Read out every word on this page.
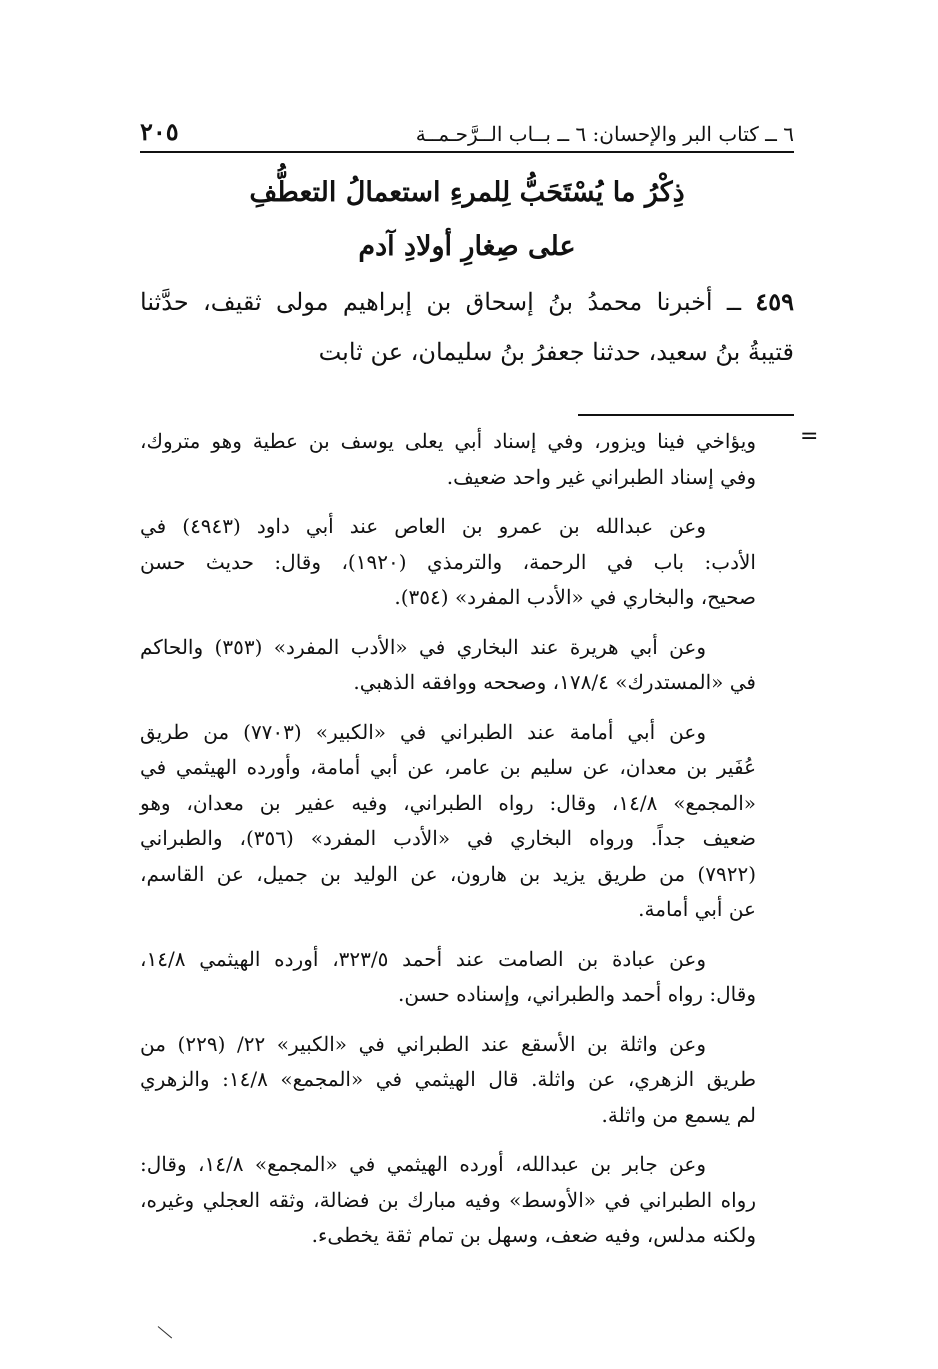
٦ ــ كتاب البر والإحسان: ٦ ــ بــاب الــرَّحـمــة
٢٠٥
ذِكْرُ ما يُسْتَحَبُّ لِلمرءِ استعمالُ التعطُّفِ
على صِغارِ أولادِ آدم
٤٥٩ ــ أخبرنا محمدُ بنُ إسحاق بن إبراهيم مولى ثقيف، حدَّثنا
قتيبةُ بنُ سعيد، حدثنا جعفرُ بنُ سليمان، عن ثابت
=
ويؤاخي فينا ويزور، وفي إسناد أبي يعلى يوسف بن عطية وهو متروك،
وفي إسناد الطبراني غير واحد ضعيف.
وعن عبدالله بن عمرو بن العاص عند أبي داود (٤٩٤٣) في
الأدب: باب في الرحمة، والترمذي (١٩٢٠)، وقال: حديث حسن
صحيح، والبخاري في «الأدب المفرد» (٣٥٤).
وعن أبي هريرة عند البخاري في «الأدب المفرد» (٣٥٣) والحاكم
في «المستدرك» ١٧٨/٤، وصححه ووافقه الذهبي.
وعن أبي أمامة عند الطبراني في «الكبير» (٧٧٠٣) من طريق
عُفَير بن معدان، عن سليم بن عامر، عن أبي أمامة، وأورده الهيثمي في
«المجمع» ١٤/٨، وقال: رواه الطبراني، وفيه عفير بن معدان، وهو
ضعيف جداً. ورواه البخاري في «الأدب المفرد» (٣٥٦)، والطبراني
(٧٩٢٢) من طريق يزيد بن هارون، عن الوليد بن جميل، عن القاسم،
عن أبي أمامة.
وعن عبادة بن الصامت عند أحمد ٣٢٣/٥، أورده الهيثمي ١٤/٨،
وقال: رواه أحمد والطبراني، وإسناده حسن.
وعن واثلة بن الأسقع عند الطبراني في «الكبير» ٢٢/ (٢٢٩) من
طريق الزهري، عن واثلة. قال الهيثمي في «المجمع» ١٤/٨: والزهري
لم يسمع من واثلة.
وعن جابر بن عبدالله، أورده الهيثمي في «المجمع» ١٤/٨، وقال:
رواه الطبراني في «الأوسط» وفيه مبارك بن فضالة، وثقه العجلي وغيره،
ولكنه مدلس، وفيه ضعف، وسهل بن تمام ثقة يخطىء.
